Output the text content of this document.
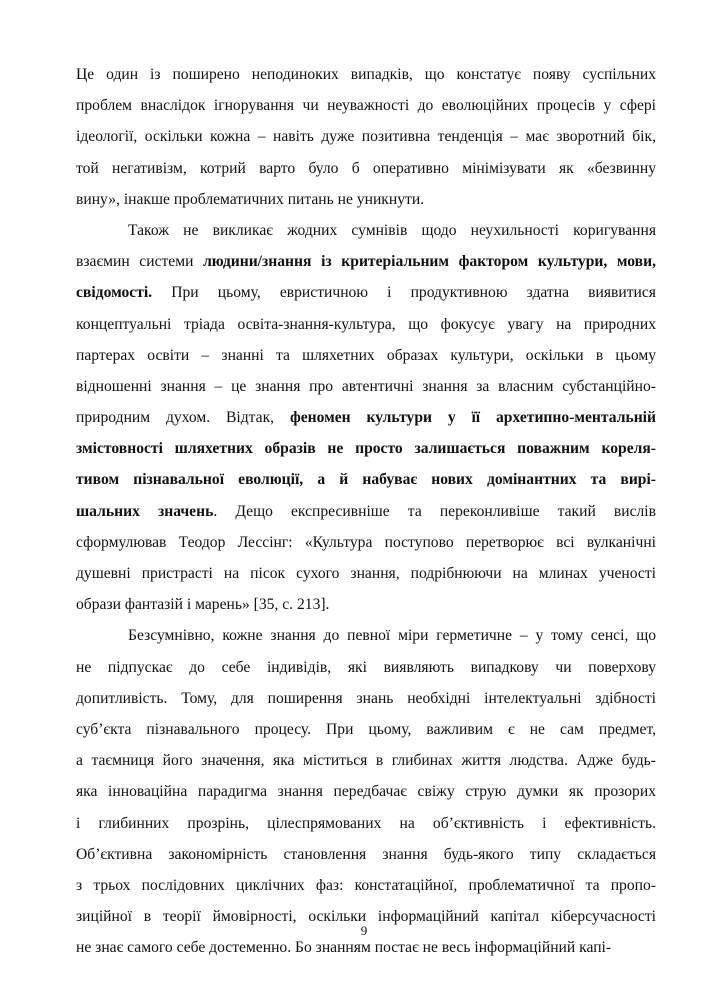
Це один із поширено неподиноких випадків, що констатує появу суспільних
проблем внаслідок ігнорування чи неуважності до еволюційних процесів у сфері
ідеології, оскільки кожна – навіть дуже позитивна тенденція – має зворотний бік,
той негативізм, котрий варто було б оперативно мінімізувати як «безвинну
вину», інакше проблематичних питань не уникнути.
Також не викликає жодних сумнівів щодо неухильності коригування
взаємин системи людини/знання із критеріальним фактором культури, мови,
свідомості. При цьому, евристичною і продуктивною здатна виявитися
концептуальні тріада освіта-знання-культура, що фокусує увагу на природних
партерах освіти – знанні та шляхетних образах культури, оскільки в цьому
відношенні знання – це знання про автентичні знання за власним субстанційно-
природним духом. Відтак, феномен культури у її архетипно-ментальній
змістовності шляхетних образів не просто залишається поважним кореля-
тивом пізнавальної еволюції, а й набуває нових домінантних та вирі-
шальних значень. Дещо експресивніше та переконливіше такий вислів
сформулював Теодор Лессінг: «Культура поступово перетворює всі вулканічні
душевні пристрасті на пісок сухого знання, подрібнюючи на млинах ученості
образи фантазій і марень» [35, с. 213].
Безсумнівно, кожне знання до певної міри герметичне – у тому сенсі, що
не підпускає до себе індивідів, які виявляють випадкову чи поверхову
допитливість. Тому, для поширення знань необхідні інтелектуальні здібності
суб’єкта пізнавального процесу. При цьому, важливим є не сам предмет,
а таємниця його значення, яка міститься в глибинах життя людства. Адже будь-
яка інноваційна парадигма знання передбачає свіжу струю думки як прозорих
і глибинних прозрінь, цілеспрямованих на об’єктивність і ефективність.
Об’єктивна закономірність становлення знання будь-якого типу складається
з трьох послідовних циклічних фаз: констатаційної, проблематичної та пропо-
зиційної в теорії ймовірності, оскільки інформаційний капітал кіберсучасності
не знає самого себе достеменно. Бо знанням постає не весь інформаційний капі-
9
